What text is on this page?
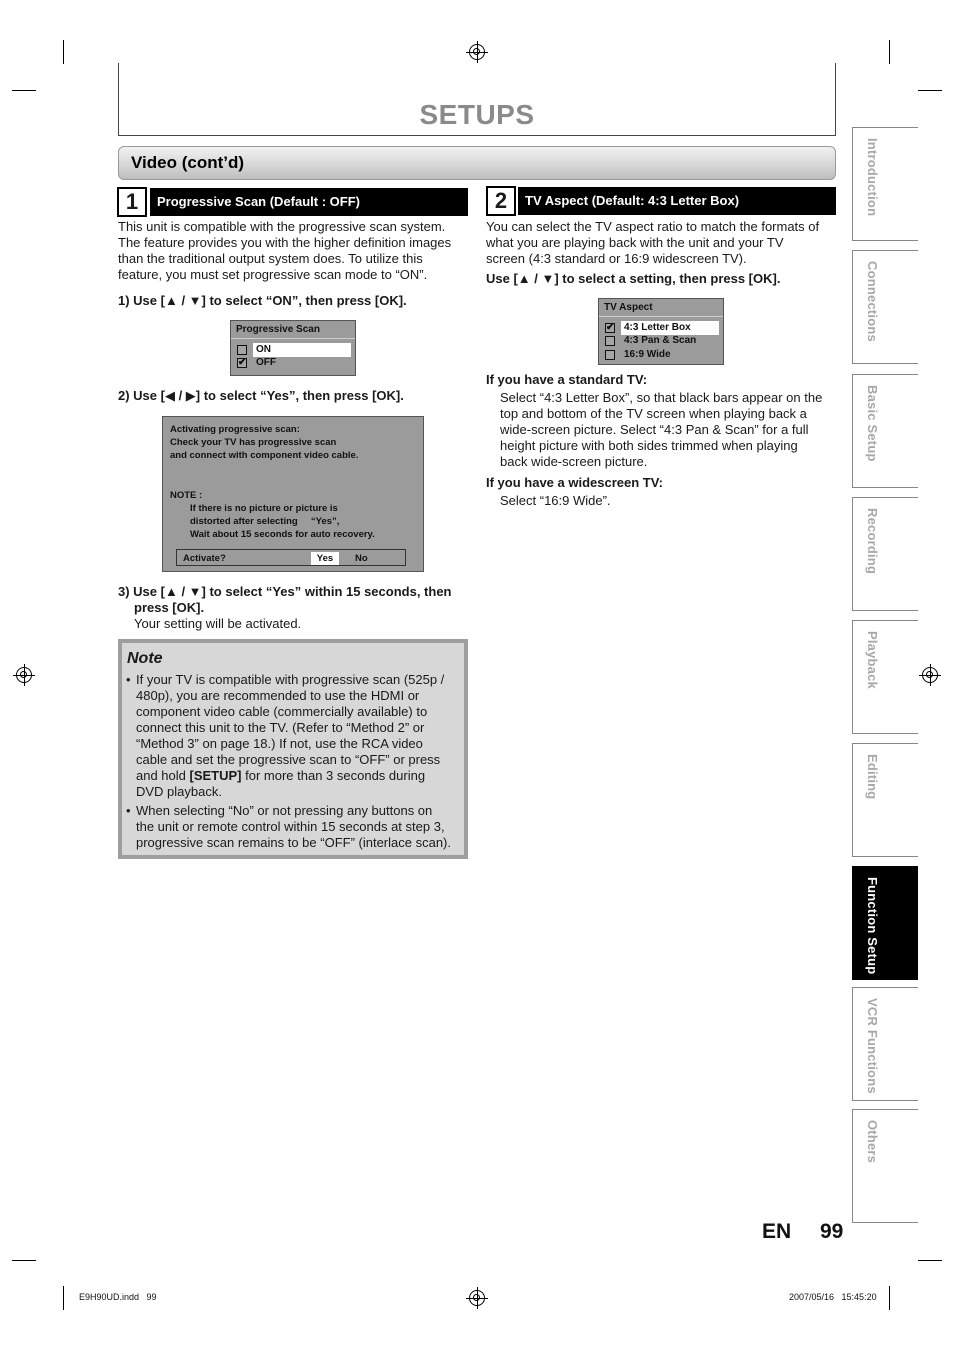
SETUPS
Video (cont’d)
1	Progressive Scan (Default : OFF)
This unit is compatible with the progressive scan system. The feature provides you with the higher definition images than the traditional output system does. To utilize this feature, you must set progressive scan mode to “ON”.
1) Use [▲ / ▼] to select “ON”, then press [OK].
Progressive Scan
ON
✔ OFF
2) Use [◀ / ▶] to select “Yes”, then press [OK].
Activating progressive scan:
Check your TV has progressive scan
and connect with component video cable.
NOTE :
If there is no picture or picture is
distorted after selecting     “Yes”,
Wait about 15 seconds for auto recovery.
Activate?	Yes	No
3) Use [▲ / ▼] to select “Yes” within 15 seconds, then
press [OK].
Your setting will be activated.
Note
• If your TV is compatible with progressive scan (525p /
480p), you are recommended to use the HDMI or
component video cable (commercially available) to
connect this unit to the TV. (Refer to “Method 2” or
“Method 3” on page 18.) If not, use the RCA video
cable and set the progressive scan to “OFF” or press
and hold [SETUP] for more than 3 seconds during
DVD playback.
• When selecting “No” or not pressing any buttons on
the unit or remote control within 15 seconds at step 3,
progressive scan remains to be “OFF” (interlace scan).
2	TV Aspect (Default: 4:3 Letter Box)
You can select the TV aspect ratio to match the formats of
what you are playing back with the unit and your TV
screen (4:3 standard or 16:9 widescreen TV).
Use [▲ / ▼] to select a setting, then press [OK].
TV Aspect
✔ 4:3 Letter Box
4:3 Pan & Scan
16:9 Wide
If you have a standard TV:
Select “4:3 Letter Box”, so that black bars appear on the
top and bottom of the TV screen when playing back a
wide-screen picture. Select “4:3 Pan & Scan” for a full
height picture with both sides trimmed when playing
back wide-screen picture.
If you have a widescreen TV:
Select “16:9 Wide”.
Introduction
Connections
Basic Setup
Recording
Playback
Editing
Function Setup
VCR Functions
Others
EN 99
E9H90UD.indd   99	2007/05/16   15:45:20
